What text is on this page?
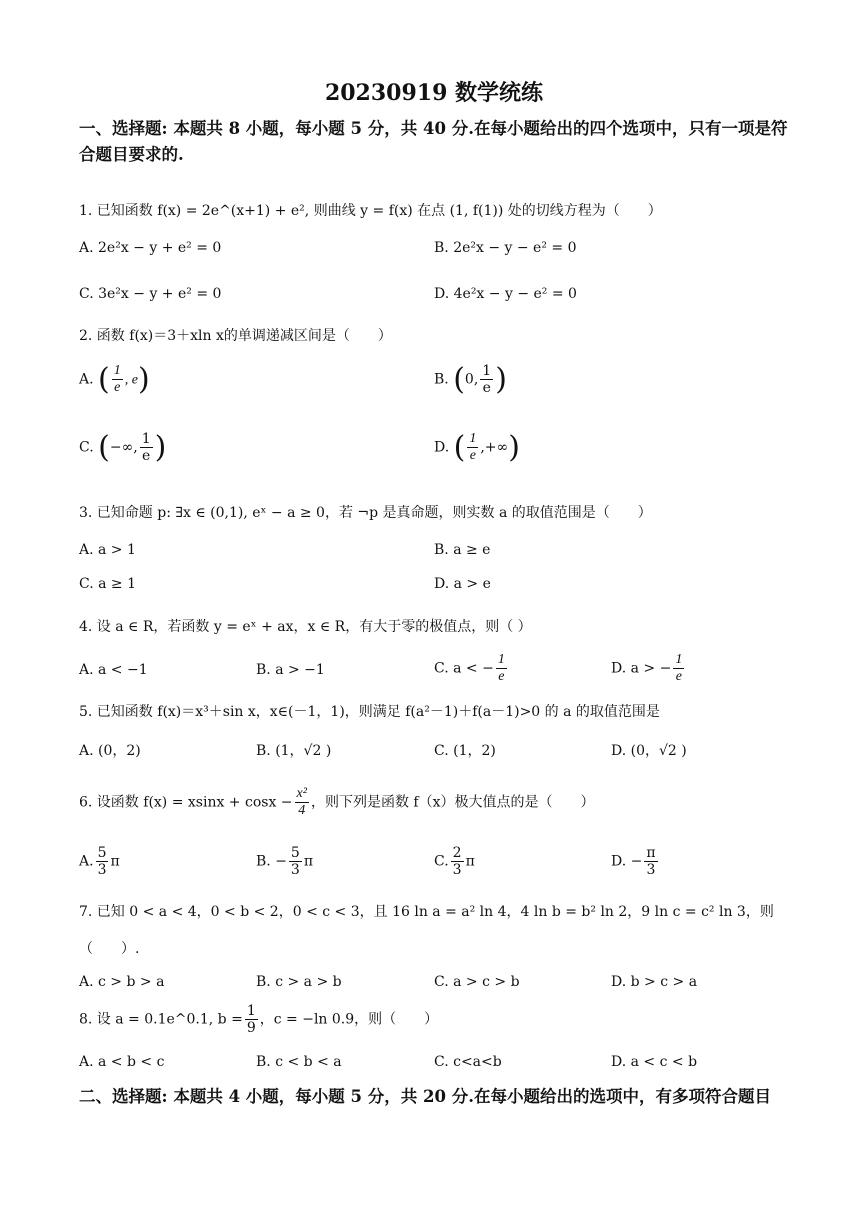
20230919 数学统练
一、选择题: 本题共 8 小题，每小题 5 分，共 40 分.在每小题给出的四个选项中，只有一项是符合题目要求的.
1. 已知函数 f(x) = 2e^(x+1) + e², 则曲线 y = f(x) 在点 (1, f(1)) 处的切线方程为（　　）
A. 2e²x − y + e² = 0	B. 2e²x − y − e² = 0
C. 3e²x − y + e² = 0	D. 4e²x − y − e² = 0
2. 函数 f(x)＝3＋xln x的单调递减区间是（　　）
A. ( $\frac{1}{e}$ , e)	B. (0, $\frac{1}{e}$ )
C. (−∞, $\frac{1}{e}$ )	D. ( $\frac{1}{e}$ ,+∞)
3. 已知命题 p: ∃x ∈ (0,1), eˣ − a ≥ 0，若 ¬p 是真命题，则实数 a 的取值范围是（　　）
A. a > 1	B. a ≥ e
C. a ≥ 1	D. a > e
4. 设 a ∈ R，若函数 y = eˣ + ax，x ∈ R，有大于零的极值点，则（ ）
A. a < −1	B. a > −1	C. a < − $\frac{1}{e}$	D. a > − $\frac{1}{e}$
5. 已知函数 f(x)＝x³＋sin x，x∈(－1，1)，则满足 f(a²－1)＋f(a－1)>0 的 a 的取值范围是
A. (0，2)	B. (1，√2 )	C. (1，2)	D. (0，√2 )
6. 设函数 $f(x) = xsinx + \cos x - \frac{\text{x²}}{4}$ ，则下列是函数 f（x）极大值点的是（　　）
A. $\frac{5}{3}$ π	B. − $\frac{5}{3}$ π	C. $\frac{2}{3}$ π	D. − $\frac{\pi}{3}$
7. 已知 0 < a < 4，0 < b < 2，0 < c < 3，且 16 ln a = a² ln 4，4 ln b = b² ln 2，9 ln c = c² ln 3，则
（　　）.
A. c > b > a	B. c > a > b	C. a > c > b	D. b > c > a
8. 设 a = 0.1e^0.1, $b = \frac{1}{9}$ ，c = −ln 0.9，则（　　）
A. a < b < c	B. c < b < a	C. c<a<b	D. a < c < b
二、选择题: 本题共 4 小题，每小题 5 分，共 20 分.在每小题给出的选项中，有多项符合题目
